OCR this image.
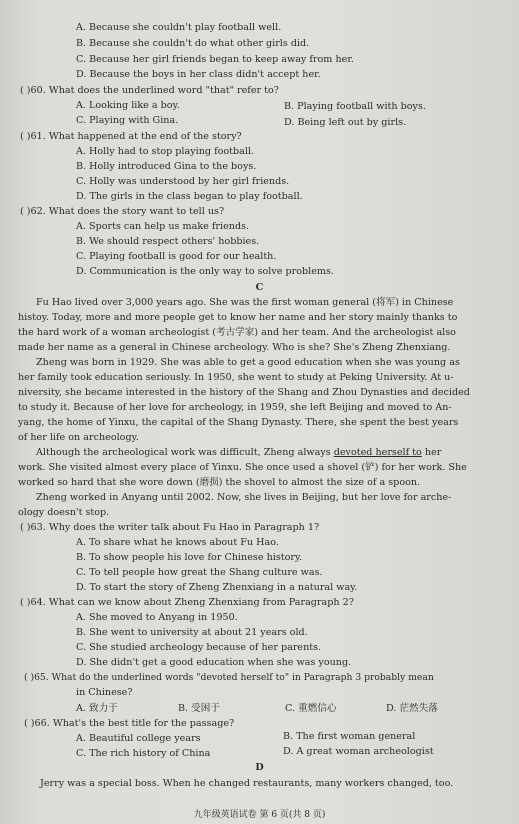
A. Because she couldn't play football well.
B. Because she couldn't do what other girls did.
C. Because her girl friends began to keep away from her.
D. Because the boys in her class didn't accept her.
( )60. What does the underlined word "that" refer to?
A. Looking like a boy.	B. Playing football with boys.
C. Playing with Gina.	D. Being left out by girls.
( )61. What happened at the end of the story?
A. Holly had to stop playing football.
B. Holly introduced Gina to the boys.
C. Holly was understood by her girl friends.
D. The girls in the class began to play football.
( )62. What does the story want to tell us?
A. Sports can help us make friends.
B. We should respect others' hobbies.
C. Playing football is good for our health.
D. Communication is the only way to solve problems.
C
Fu Hao lived over 3,000 years ago. She was the first woman general (将军) in Chinese
histoy. Today, more and more people get to know her name and her story mainly thanks to
the hard work of a woman archeologist (考古学家) and her team. And the archeologist also
made her name as a general in Chinese archeology. Who is she? She's Zheng Zhenxiang.
Zheng was born in 1929. She was able to get a good education when she was young as
her family took education seriously. In 1950, she went to study at Peking University. At u-
niversity, she became interested in the history of the Shang and Zhou Dynasties and decided
to study it. Because of her love for archeology, in 1959, she left Beijing and moved to An-
yang, the home of Yinxu, the capital of the Shang Dynasty. There, she spent the best years
of her life on archeology.
Although the archeological work was difficult, Zheng always devoted herself to her
work. She visited almost every place of Yinxu. She once used a shovel (铲) for her work. She
worked so hard that she wore down (磨损) the shovel to almost the size of a spoon.
Zheng worked in Anyang until 2002. Now, she lives in Beijing, but her love for arche-
ology doesn't stop.
( )63. Why does the writer talk about Fu Hao in Paragraph 1?
A. To share what he knows about Fu Hao.
B. To show people his love for Chinese history.
C. To tell people how great the Shang culture was.
D. To start the story of Zheng Zhenxiang in a natural way.
( )64. What can we know about Zheng Zhenxiang from Paragraph 2?
A. She moved to Anyang in 1950.
B. She went to university at about 21 years old.
C. She studied archeology because of her parents.
D. She didn't get a good education when she was young.
( )65. What do the underlined words "devoted herself to" in Paragraph 3 probably mean
in Chinese?
A. 致力于	B. 受困于	C. 重燃信心	D. 茫然失落
( )66. What's the best title for the passage?
A. Beautiful college years	B. The first woman general
C. The rich history of China	D. A great woman archeologist
D
Jerry was a special boss. When he changed restaurants, many workers changed, too.
九年级英语试卷 第 6 页(共 8 页)
